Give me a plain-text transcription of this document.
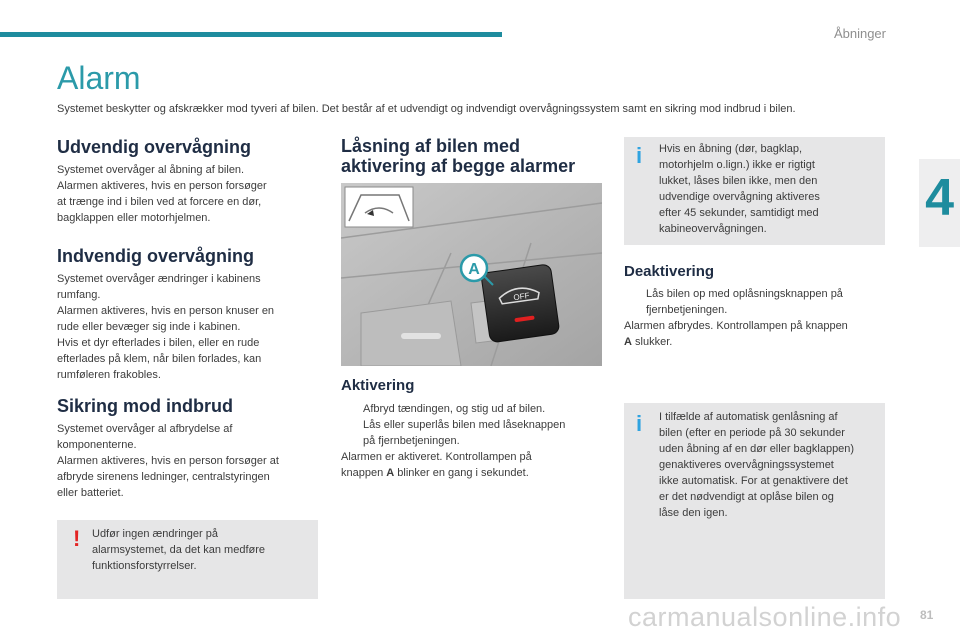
Åbninger
4
Alarm
Systemet beskytter og afskrækker mod tyveri af bilen. Det består af et udvendigt og indvendigt overvågningssystem samt en sikring mod indbrud i bilen.
Udvendig overvågning
Systemet overvåger al åbning af bilen.
Alarmen aktiveres, hvis en person forsøger
at trænge ind i bilen ved at forcere en dør,
bagklappen eller motorhjelmen.
Indvendig overvågning
Systemet overvåger ændringer i kabinens
rumfang.
Alarmen aktiveres, hvis en person knuser en
rude eller bevæger sig inde i kabinen.
Hvis et dyr efterlades i bilen, eller en rude
efterlades på klem, når bilen forlades, kan
rumføleren frakobles.
Sikring mod indbrud
Systemet overvåger al afbrydelse af
komponenterne.
Alarmen aktiveres, hvis en person forsøger at
afbryde sirenens ledninger, centralstyringen
eller batteriet.
! Udfør ingen ændringer på
alarmsystemet, da det kan medføre
funktionsforstyrrelser.
Låsning af bilen med
aktivering af begge alarmer
OFF
A
Aktivering
Afbryd tændingen, og stig ud af bilen.
Lås eller superlås bilen med låseknappen
på fjernbetjeningen.
Alarmen er aktiveret. Kontrollampen på
knappen A blinker en gang i sekundet.
i Hvis en åbning (dør, bagklap,
motorhjelm o.lign.) ikke er rigtigt
lukket, låses bilen ikke, men den
udvendige overvågning aktiveres
efter 45 sekunder, samtidigt med
kabineovervågningen.
Deaktivering
Lås bilen op med oplåsningsknappen på
fjernbetjeningen.
Alarmen afbrydes. Kontrollampen på knappen
A slukker.
i I tilfælde af automatisk genlåsning af
bilen (efter en periode på 30 sekunder
uden åbning af en dør eller bagklappen)
genaktiveres overvågningssystemet
ikke automatisk. For at genaktivere det
er det nødvendigt at oplåse bilen og
låse den igen.
carmanualsonline.info 81
